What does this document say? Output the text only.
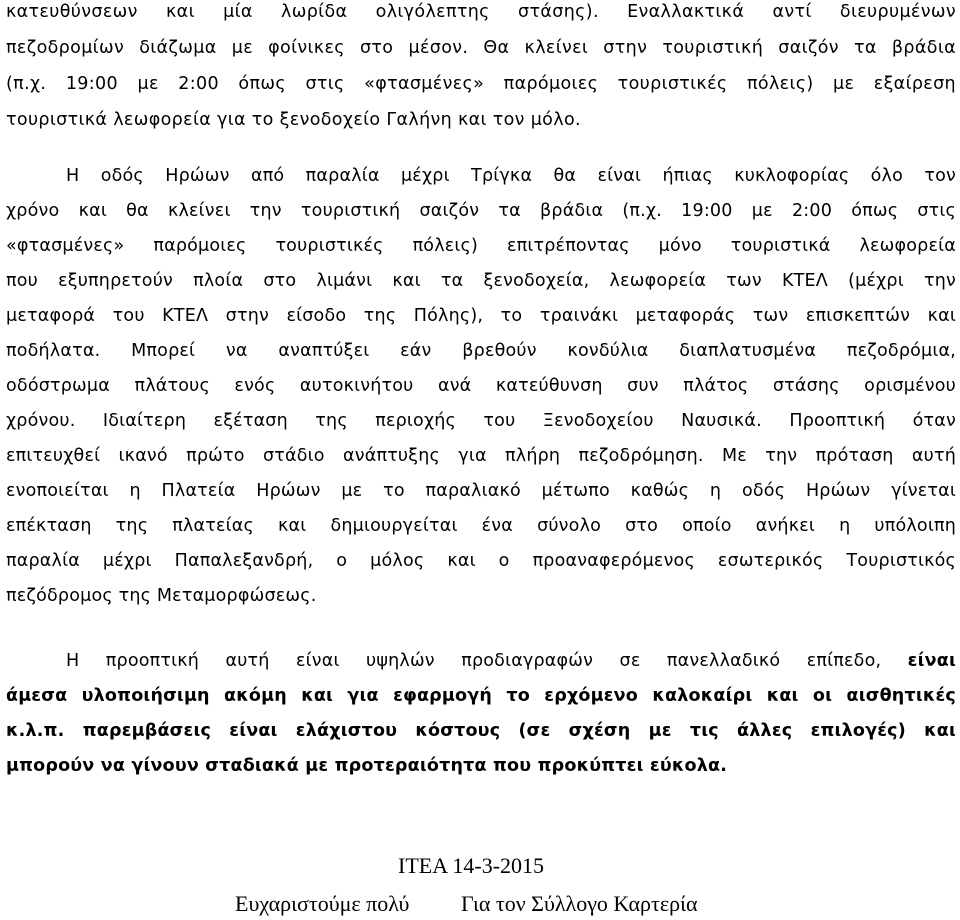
κατευθύνσεων και μία λωρίδα ολιγόλεπτης στάσης). Εναλλακτικά αντί διευρυμένων
πεζοδρομίων διάζωμα με φοίνικες στο μέσον. Θα κλείνει στην τουριστική σαιζόν τα βράδια
(π.χ. 19:00 με 2:00 όπως στις «φτασμένες» παρόμοιες τουριστικές πόλεις) με εξαίρεση
τουριστικά λεωφορεία για το ξενοδοχείο Γαλήνη και τον μόλο.
Η οδός Ηρώων από παραλία μέχρι Τρίγκα θα είναι ήπιας κυκλοφορίας όλο τον
χρόνο και θα κλείνει την τουριστική σαιζόν τα βράδια (π.χ. 19:00 με 2:00 όπως στις
«φτασμένες» παρόμοιες τουριστικές πόλεις) επιτρέποντας μόνο τουριστικά λεωφορεία
που εξυπηρετούν πλοία στο λιμάνι και τα ξενοδοχεία, λεωφορεία των ΚΤΕΛ (μέχρι την
μεταφορά του ΚΤΕΛ στην είσοδο της Πόλης), το τραινάκι μεταφοράς των επισκεπτών και
ποδήλατα. Μπορεί να αναπτύξει εάν βρεθούν κονδύλια διαπλατυσμένα πεζοδρόμια,
οδόστρωμα πλάτους ενός αυτοκινήτου ανά κατεύθυνση συν πλάτος στάσης ορισμένου
χρόνου. Ιδιαίτερη εξέταση της περιοχής του Ξενοδοχείου Ναυσικά. Προοπτική όταν
επιτευχθεί ικανό πρώτο στάδιο ανάπτυξης για πλήρη πεζοδρόμηση. Με την πρόταση αυτή
ενοποιείται η Πλατεία Ηρώων με το παραλιακό μέτωπο καθώς η οδός Ηρώων γίνεται
επέκταση της πλατείας και δημιουργείται ένα σύνολο στο οποίο ανήκει η υπόλοιπη
παραλία μέχρι Παπαλεξανδρή, ο μόλος και ο προαναφερόμενος εσωτερικός Τουριστικός
πεζόδρομος της Μεταμορφώσεως.
Η προοπτική αυτή είναι υψηλών προδιαγραφών σε πανελλαδικό επίπεδο, είναι
άμεσα υλοποιήσιμη ακόμη και για εφαρμογή το ερχόμενο καλοκαίρι και οι αισθητικές
κ.λ.π. παρεμβάσεις είναι ελάχιστου κόστους (σε σχέση με τις άλλες επιλογές) και
μπορούν να γίνουν σταδιακά με προτεραιότητα που προκύπτει εύκολα.
ΙΤΕΑ 14-3-2015
Ευχαριστούμε πολύ Για τον Σύλλογο Καρτερία
